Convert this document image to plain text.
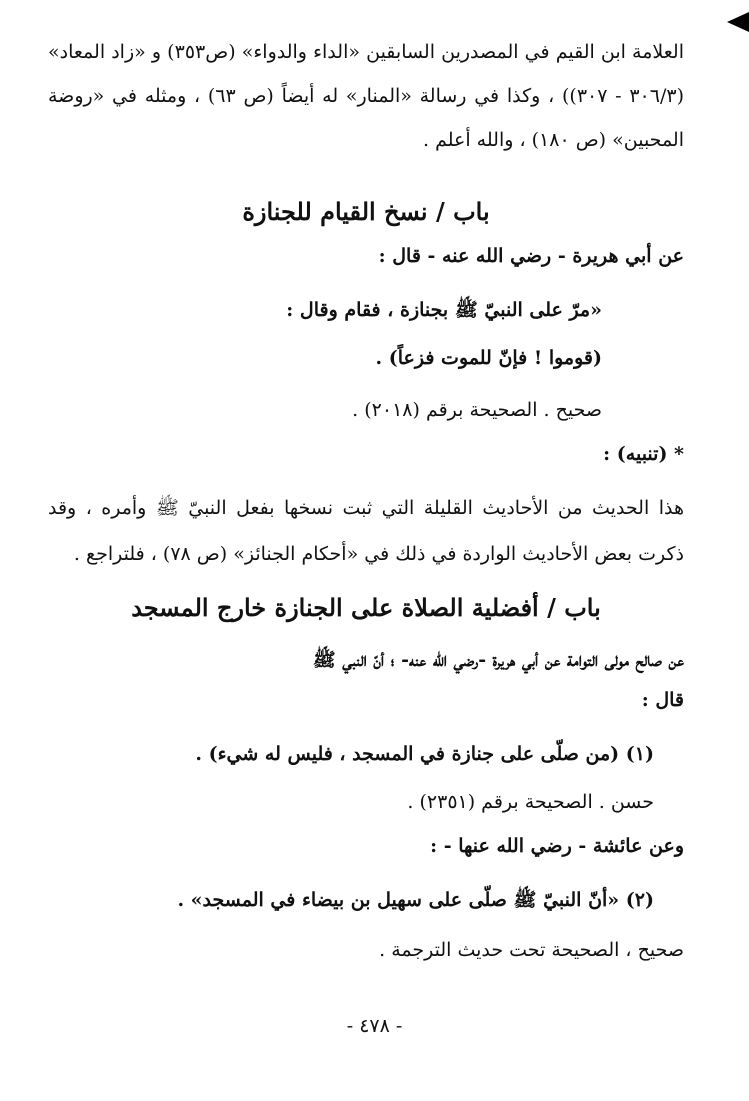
العلامة ابن القيم في المصدرين السابقين «الداء والدواء» (ص٣٥٣) و «زاد المعاد»
(٣٠٦/٣ - ٣٠٧)) ، وكذا في رسالة «المنار» له أيضاً (ص ٦٣) ، ومثله في «روضة
المحبين» (ص ١٨٠) ، والله أعلم .
باب / نسخ القيام للجنازة
عن أبي هريرة - رضي الله عنه - قال :
«مرّ على النبيّ ﷺ بجنازة ، فقام وقال :
(قوموا ! فإنّ للموت فزعاً) .
صحيح . الصحيحة برقم (٢٠١٨) .
* (تنبيه) :
هذا الحديث من الأحاديث القليلة التي ثبت نسخها بفعل النبيّ ﷺ وأمره ، وقد
ذكرت بعض الأحاديث الواردة في ذلك في «أحكام الجنائز» (ص ٧٨) ، فلتراجع .
باب / أفضلية الصلاة على الجنازة خارج المسجد
عن صالح مولى التوامة عن أبي هريرة -رضي الله عنه- ؛ أنّ النبي ﷺ
قال :
(١) (من صلّى على جنازة في المسجد ، فليس له شيء) .
حسن . الصحيحة برقم (٢٣٥١) .
وعن عائشة - رضي الله عنها - :
(٢) «أنّ النبيّ ﷺ صلّى على سهيل بن بيضاء في المسجد» .
صحيح ، الصحيحة تحت حديث الترجمة .
- ٤٧٨ -
